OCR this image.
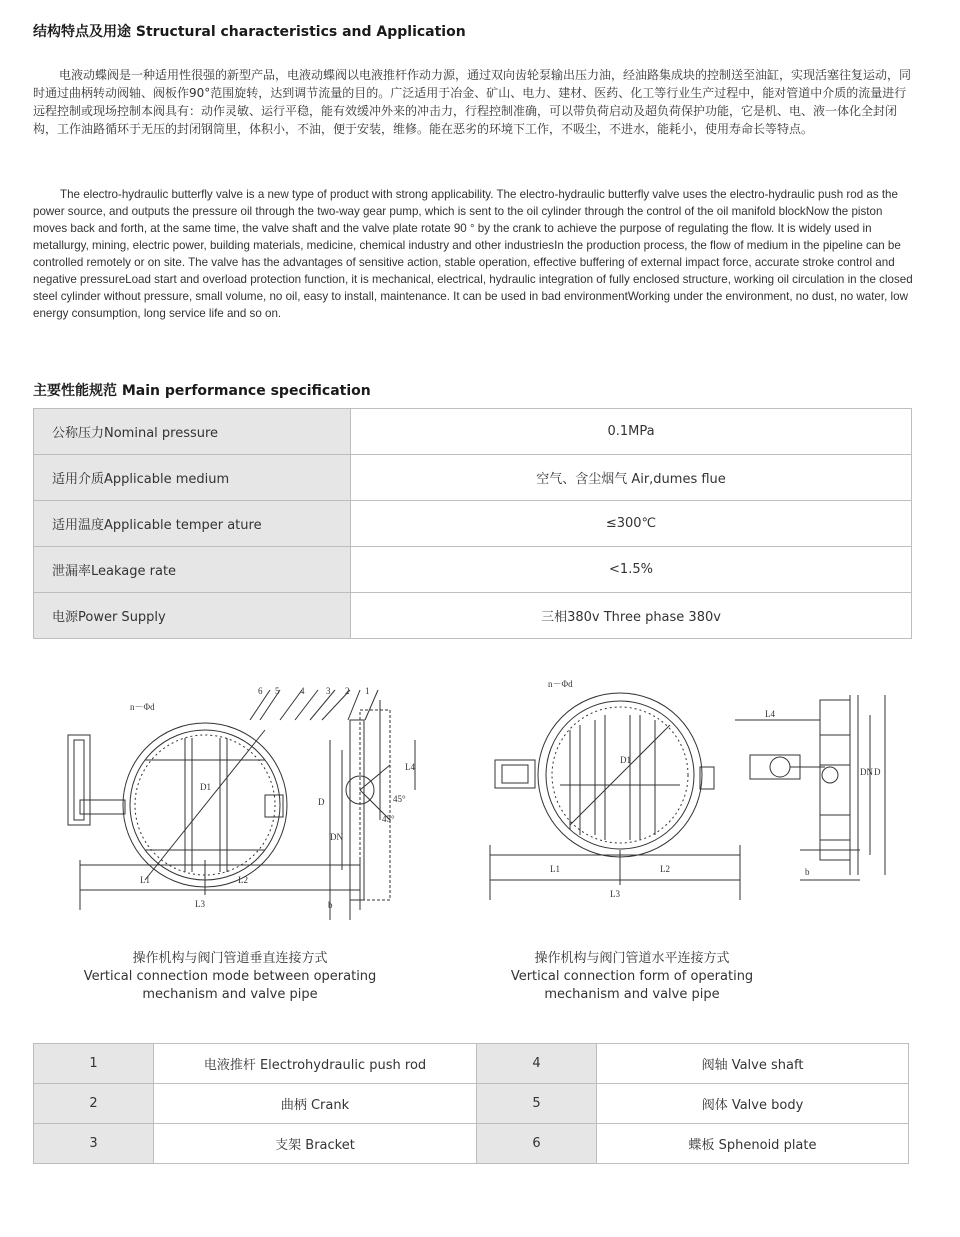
结构特点及用途 Structural characteristics and Application

电液动蝶阀是一种适用性很强的新型产品，电液动蝶阀以电液推杆作动力源，通过双向齿轮泵输出压力油，经油路集成块的控制送至油缸，实现活塞往复运动，同时通过曲柄转动阀轴、阀板作90°范围旋转，达到调节流量的目的。广泛适用于冶金、矿山、电力、建材、医药、化工等行业生产过程中，能对管道中介质的流量进行远程控制或现场控制本阀具有：动作灵敏、运行平稳，能有效缓冲外来的冲击力，行程控制准确，可以带负荷启动及超负荷保护功能，它是机、电、液一体化全封闭构，工作油路循环于无压的封闭钢筒里，体积小，不油，便于安装，维修。能在恶劣的环境下工作，不吸尘，不进水，能耗小，使用寿命长等特点。

The electro-hydraulic butterfly valve is a new type of product with strong applicability. The electro-hydraulic butterfly valve uses the electro-hydraulic push rod as the power source, and outputs the pressure oil through the two-way gear pump, which is sent to the oil cylinder through the control of the oil manifold blockNow the piston moves back and forth, at the same time, the valve shaft and the valve plate rotate 90 ° by the crank to achieve the purpose of regulating the flow. It is widely used in metallurgy, mining, electric power, building materials, medicine, chemical industry and other industriesIn the production process, the flow of medium in the pipeline can be controlled remotely or on site. The valve has the advantages of sensitive action, stable operation, effective buffering of external impact force, accurate stroke control and negative pressureLoad start and overload protection function, it is mechanical, electrical, hydraulic integration of fully enclosed structure, working oil circulation in the closed steel cylinder without pressure, small volume, no oil, easy to install, maintenance. It can be used in bad environmentWorking under the environment, no dust, no water, low energy consumption, long service life and so on.

主要性能规范 Main performance specification
公称压力Nominal pressure	0.1MPa
适用介质Applicable medium	空气、含尘烟气 Air,dumes flue
适用温度Applicable temper ature	≤300℃
泄漏率Leakage rate	<1.5%
电源Power Supply	三相380v Three phase 380v
n－Φd
6 5 4 3 2 1
L1	L2
L3
L4
D
DN
D1
b
45°
45°
n－Φd
L1	L2
L3
L4
D
DN
D1
b
操作机构与阀门管道垂直连接方式
Vertical connection mode between operating
mechanism and valve pipe
操作机构与阀门管道水平连接方式
Vertical connection form of operating
mechanism and valve pipe
1	电液推杆 Electrohydraulic push rod	4	阀轴 Valve shaft
2	曲柄 Crank	5	阀体 Valve body
3	支架 Bracket	6	蝶板 Sphenoid plate
